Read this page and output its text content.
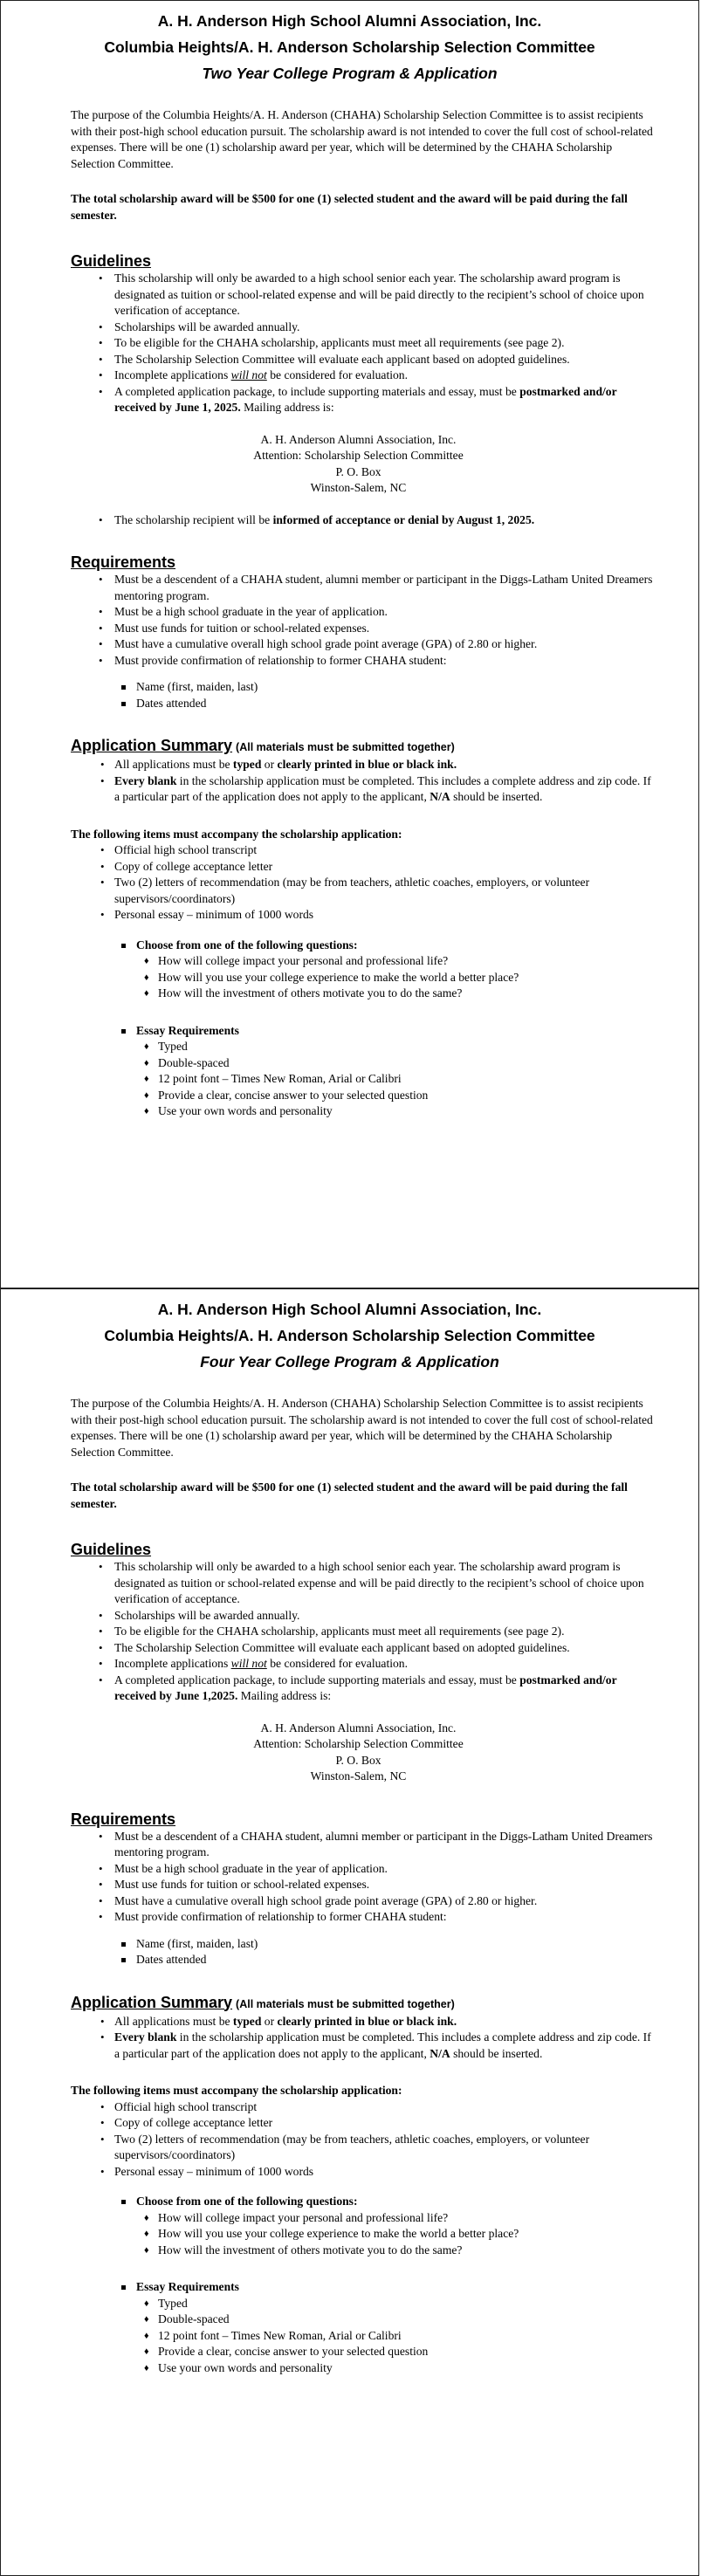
A. H. Anderson High School Alumni Association, Inc.
Columbia Heights/A. H. Anderson Scholarship Selection Committee
Two Year College Program & Application

The purpose of the Columbia Heights/A. H. Anderson (CHAHA) Scholarship Selection Committee is to assist recipients with their post-high school education pursuit. The scholarship award is not intended to cover the full cost of school-related expenses. There will be one (1) scholarship award per year, which will be determined by the CHAHA Scholarship Selection Committee.

The total scholarship award will be $500 for one (1) selected student and the award will be paid during the fall semester.

Guidelines
• This scholarship will only be awarded to a high school senior each year. The scholarship award program is designated as tuition or school-related expense and will be paid directly to the recipient’s school of choice upon verification of acceptance.
• Scholarships will be awarded annually.
• To be eligible for the CHAHA scholarship, applicants must meet all requirements (see page 2).
• The Scholarship Selection Committee will evaluate each applicant based on adopted guidelines.
• Incomplete applications will not be considered for evaluation.
• A completed application package, to include supporting materials and essay, must be postmarked and/or received by June 1, 2025. Mailing address is:
A. H. Anderson Alumni Association, Inc.
Attention: Scholarship Selection Committee
P. O. Box
Winston-Salem, NC
• The scholarship recipient will be informed of acceptance or denial by August 1, 2025.
Requirements
• Must be a descendent of a CHAHA student, alumni member or participant in the Diggs-Latham United Dreamers mentoring program.
• Must be a high school graduate in the year of application.
• Must use funds for tuition or school-related expenses.
• Must have a cumulative overall high school grade point average (GPA) of 2.80 or higher.
• Must provide confirmation of relationship to former CHAHA student:
Name (first, maiden, last)
Dates attended
Application Summary (All materials must be submitted together)
• All applications must be typed or clearly printed in blue or black ink.
• Every blank in the scholarship application must be completed. This includes a complete address and zip code. If a particular part of the application does not apply to the applicant, N/A should be inserted.

The following items must accompany the scholarship application:

• Official high school transcript
• Copy of college acceptance letter
• Two (2) letters of recommendation (may be from teachers, athletic coaches, employers, or volunteer supervisors/coordinators)
• Personal essay – minimum of 1000 words
Choose from one of the following questions:
♦ How will college impact your personal and professional life?
♦ How will you use your college experience to make the world a better place?
♦ How will the investment of others motivate you to do the same?
Essay Requirements
♦ Typed
♦ Double-spaced
♦ 12 point font – Times New Roman, Arial or Calibri
♦ Provide a clear, concise answer to your selected question
♦ Use your own words and personality
A. H. Anderson High School Alumni Association, Inc.
Columbia Heights/A. H. Anderson Scholarship Selection Committee
Four Year College Program & Application

The purpose of the Columbia Heights/A. H. Anderson (CHAHA) Scholarship Selection Committee is to assist recipients with their post-high school education pursuit. The scholarship award is not intended to cover the full cost of school-related expenses. There will be one (1) scholarship award per year, which will be determined by the CHAHA Scholarship Selection Committee.

The total scholarship award will be $500 for one (1) selected student and the award will be paid during the fall semester.

Guidelines
• This scholarship will only be awarded to a high school senior each year. The scholarship award program is designated as tuition or school-related expense and will be paid directly to the recipient’s school of choice upon verification of acceptance.
• Scholarships will be awarded annually.
• To be eligible for the CHAHA scholarship, applicants must meet all requirements (see page 2).
• The Scholarship Selection Committee will evaluate each applicant based on adopted guidelines.
• Incomplete applications will not be considered for evaluation.
• A completed application package, to include supporting materials and essay, must be postmarked and/or received by June 1,2025. Mailing address is:
A. H. Anderson Alumni Association, Inc.
Attention: Scholarship Selection Committee
P. O. Box
Winston-Salem, NC
Requirements
• Must be a descendent of a CHAHA student, alumni member or participant in the Diggs-Latham United Dreamers mentoring program.
• Must be a high school graduate in the year of application.
• Must use funds for tuition or school-related expenses.
• Must have a cumulative overall high school grade point average (GPA) of 2.80 or higher.
• Must provide confirmation of relationship to former CHAHA student:
Name (first, maiden, last)
Dates attended
Application Summary (All materials must be submitted together)
• All applications must be typed or clearly printed in blue or black ink.
• Every blank in the scholarship application must be completed. This includes a complete address and zip code. If a particular part of the application does not apply to the applicant, N/A should be inserted.

The following items must accompany the scholarship application:

• Official high school transcript
• Copy of college acceptance letter
• Two (2) letters of recommendation (may be from teachers, athletic coaches, employers, or volunteer supervisors/coordinators)
• Personal essay – minimum of 1000 words
Choose from one of the following questions:
♦ How will college impact your personal and professional life?
♦ How will you use your college experience to make the world a better place?
♦ How will the investment of others motivate you to do the same?
Essay Requirements
♦ Typed
♦ Double-spaced
♦ 12 point font – Times New Roman, Arial or Calibri
♦ Provide a clear, concise answer to your selected question
♦ Use your own words and personality
